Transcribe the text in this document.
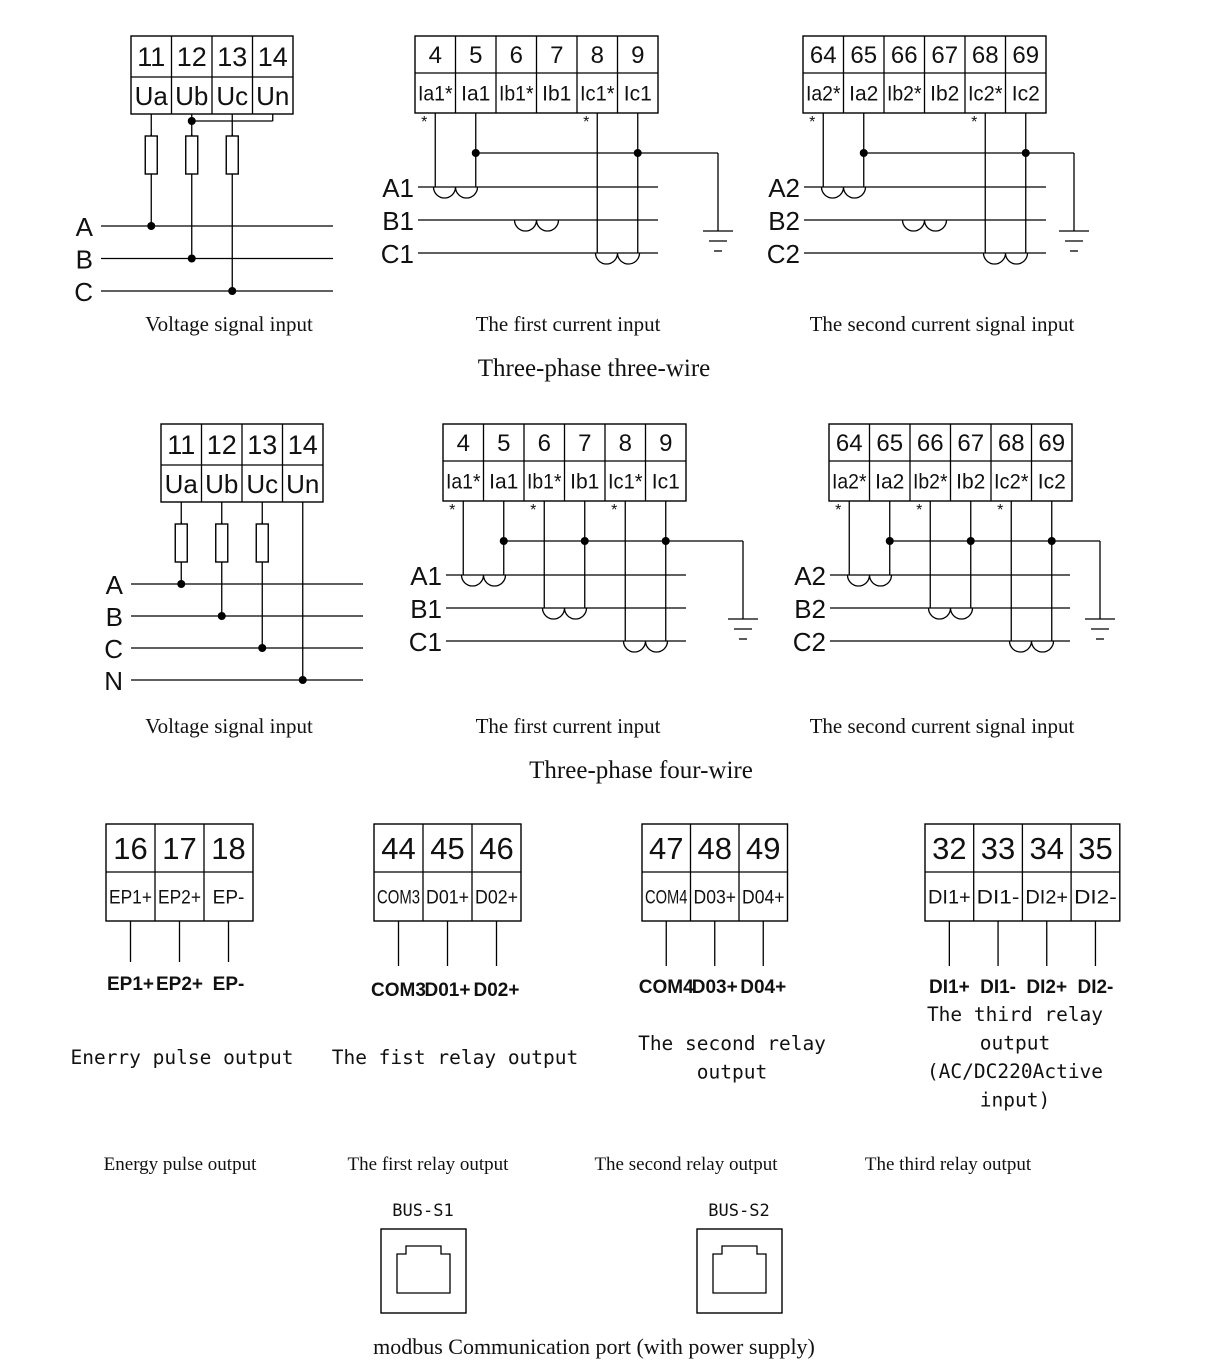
11 12 13 14
Ua Ub Uc Un
A
B
C
4 5 6 7 8 9
Ia1* Ia1 Ib1* Ib1 Ic1* Ic1
A1
B1
C1
*	*
64 65 66 67 68 69
Ia2* Ia2 Ib2* Ib2 Ic2* Ic2
A2
B2
C2
*	*
Voltage signal input	The first current input	The second current signal input
Three-phase three-wire
11 12 13 14
Ua Ub Uc Un
A
B
C
N
4 5 6 7 8 9
Ia1* Ia1 Ib1* Ib1 Ic1* Ic1
A1
B1
C1
*	*	*
64 65 66 67 68 69
Ia2* Ia2 Ib2* Ib2 Ic2* Ic2
A2
B2
C2
*	*	*
Voltage signal input	The first current input	The second current signal input
Three-phase four-wire
16 17 18
EP1+ EP2+ EP-
EP1+ EP2+ EP-
Enerry pulse output
Energy pulse output
44 45 46
COM3 D01+ D02+
COM3
D01+ D02+
The fist relay output
The first relay output
47 48 49
COM4 D03+ D04+
COM4
D03+ D04+
The second relay
output
The second relay output
32 33 34 35
DI1+ DI1- DI2+ DI2-
DI1+ DI1- DI2+ DI2-
The third relay
output
(AC/DC220Active
input)
The third relay output
BUS-S1	BUS-S2
modbus Communication port (with power supply)
